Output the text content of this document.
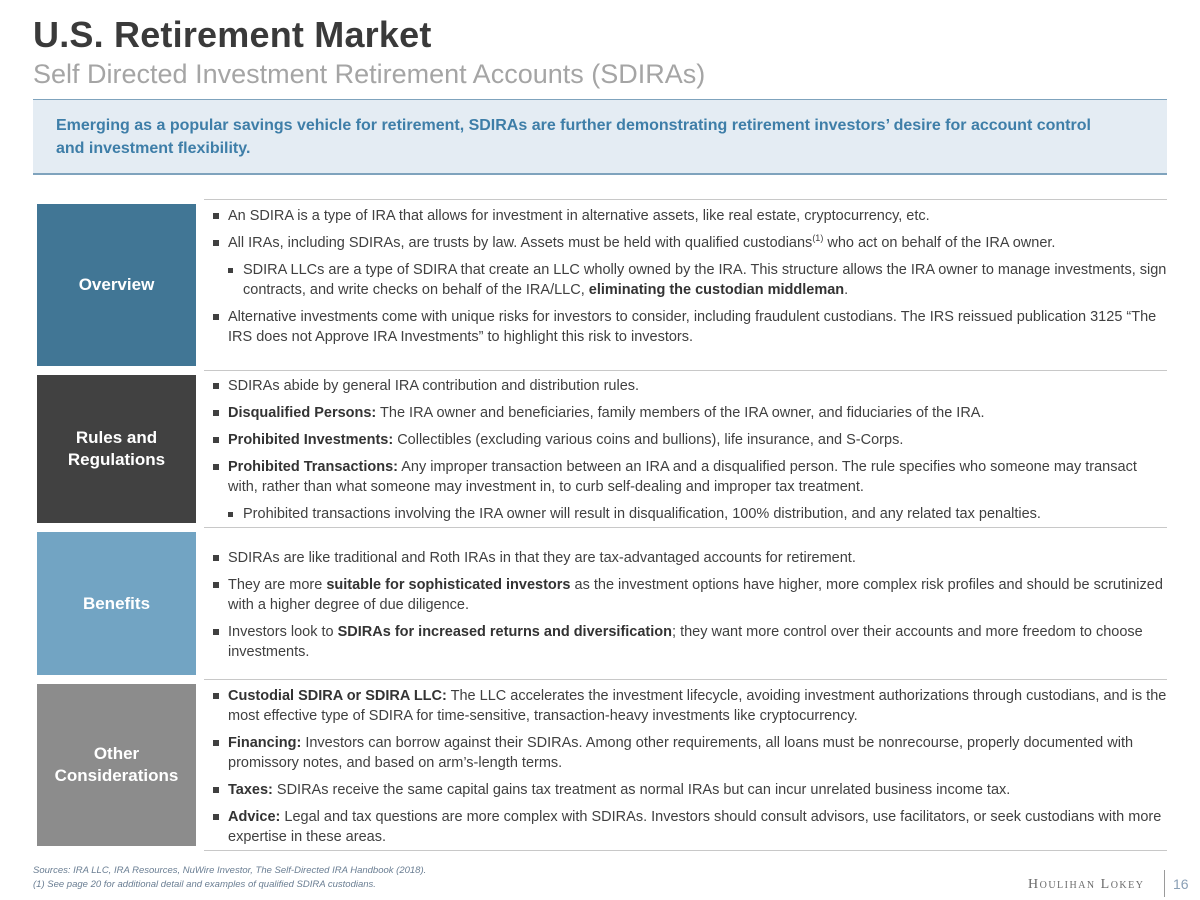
U.S. Retirement Market
Self Directed Investment Retirement Accounts (SDIRAs)
Emerging as a popular savings vehicle for retirement, SDIRAs are further demonstrating retirement investors’ desire for account control and investment flexibility.
Overview
An SDIRA is a type of IRA that allows for investment in alternative assets, like real estate, cryptocurrency, etc.
All IRAs, including SDIRAs, are trusts by law. Assets must be held with qualified custodians$^{(1)}$ who act on behalf of the IRA owner.
SDIRA LLCs are a type of SDIRA that create an LLC wholly owned by the IRA. This structure allows the IRA owner to manage investments, sign contracts, and write checks on behalf of the IRA/LLC, eliminating the custodian middleman.
Alternative investments come with unique risks for investors to consider, including fraudulent custodians. The IRS reissued publication 3125 “The IRS does not Approve IRA Investments” to highlight this risk to investors.
Rules and Regulations
SDIRAs abide by general IRA contribution and distribution rules.
Disqualified Persons: The IRA owner and beneficiaries, family members of the IRA owner, and fiduciaries of the IRA.
Prohibited Investments: Collectibles (excluding various coins and bullions), life insurance, and S-Corps.
Prohibited Transactions: Any improper transaction between an IRA and a disqualified person. The rule specifies who someone may transact with, rather than what someone may investment in, to curb self-dealing and improper tax treatment.
Prohibited transactions involving the IRA owner will result in disqualification, 100% distribution, and any related tax penalties.
Benefits
SDIRAs are like traditional and Roth IRAs in that they are tax-advantaged accounts for retirement.
They are more suitable for sophisticated investors as the investment options have higher, more complex risk profiles and should be scrutinized with a higher degree of due diligence.
Investors look to SDIRAs for increased returns and diversification; they want more control over their accounts and more freedom to choose investments.
Other Considerations
Custodial SDIRA or SDIRA LLC: The LLC accelerates the investment lifecycle, avoiding investment authorizations through custodians, and is the most effective type of SDIRA for time-sensitive, transaction-heavy investments like cryptocurrency.
Financing: Investors can borrow against their SDIRAs. Among other requirements, all loans must be nonrecourse, properly documented with promissory notes, and based on arm’s-length terms.
Taxes: SDIRAs receive the same capital gains tax treatment as normal IRAs but can incur unrelated business income tax.
Advice: Legal and tax questions are more complex with SDIRAs. Investors should consult advisors, use facilitators, or seek custodians with more expertise in these areas.
Sources: IRA LLC, IRA Resources, NuWire Investor, The Self-Directed IRA Handbook (2018).
(1) See page 20 for additional detail and examples of qualified SDIRA custodians.	Houlihan Lokey 16
